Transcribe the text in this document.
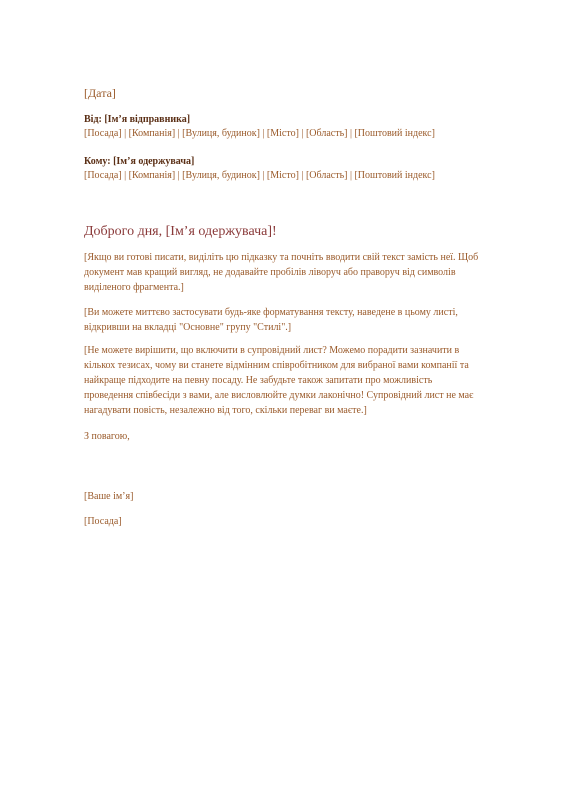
[Дата]
Від: [Ім’я відправника]
[Посада] | [Компанія] | [Вулиця, будинок] | [Місто] | [Область] | [Поштовий індекс]
Кому: [Ім’я одержувача]
[Посада] | [Компанія] | [Вулиця, будинок] | [Місто] | [Область] | [Поштовий індекс]
Доброго дня, [Ім’я одержувача]!
[Якщо ви готові писати, виділіть цю підказку та почніть вводити свій текст замість неї. Щоб документ мав кращий вигляд, не додавайте пробілів ліворуч або праворуч від символів виділеного фрагмента.]
[Ви можете миттєво застосувати будь-яке форматування тексту, наведене в цьому листі, відкривши на вкладці "Основне" групу "Стилі".]
[Не можете вирішити, що включити в супровідний лист? Можемо порадити зазначити в кількох тезисах, чому ви станете відмінним співробітником для вибраної вами компанії та найкраще підходите на певну посаду. Не забудьте також запитати про можливість проведення співбесіди з вами, але висловлюйте думки лаконічно! Супровідний лист не має нагадувати повість, незалежно від того, скільки переваг ви маєте.]
З повагою,
[Ваше ім’я]
[Посада]
